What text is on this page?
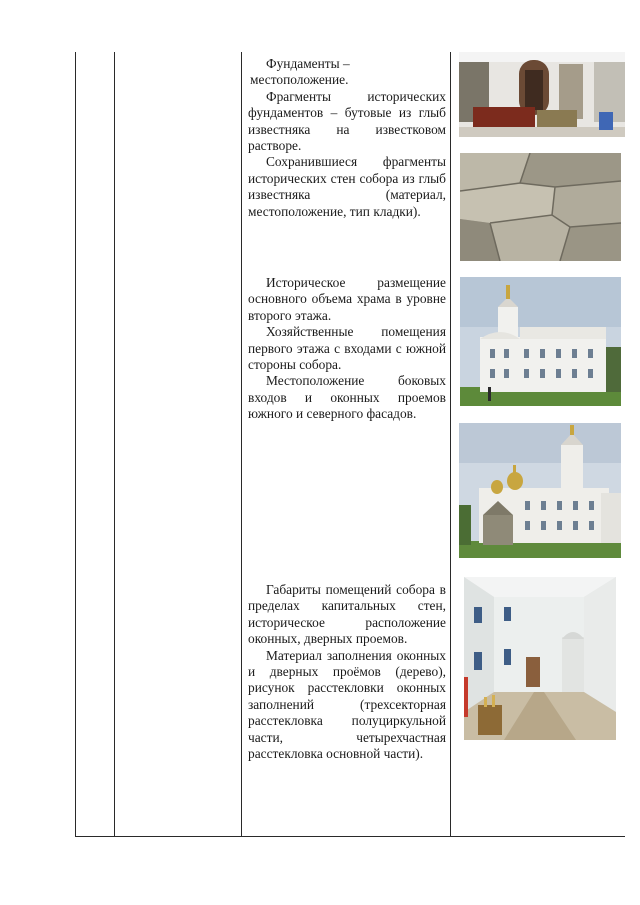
Фундаменты –

местоположение.

Фрагменты исторических фундаментов – бутовые из глыб известняка на известковом растворе.

Сохранившиеся фрагменты исторических стен собора из глыб известняка (материал, местоположение, тип кладки).

Историческое размещение основного объема храма в уровне второго этажа.

Хозяйственные помещения первого этажа с входами с южной стороны собора.

Местоположение боковых входов и оконных проемов южного и северного фасадов.

Габариты помещений собора в пределах капитальных стен, историческое расположение оконных, дверных проемов.

Материал заполнения оконных и дверных проёмов (дерево), рисунок расстекловки оконных заполнений (трехсекторная расстекловка полуциркульной части, четырехчастная расстекловка основной части).
